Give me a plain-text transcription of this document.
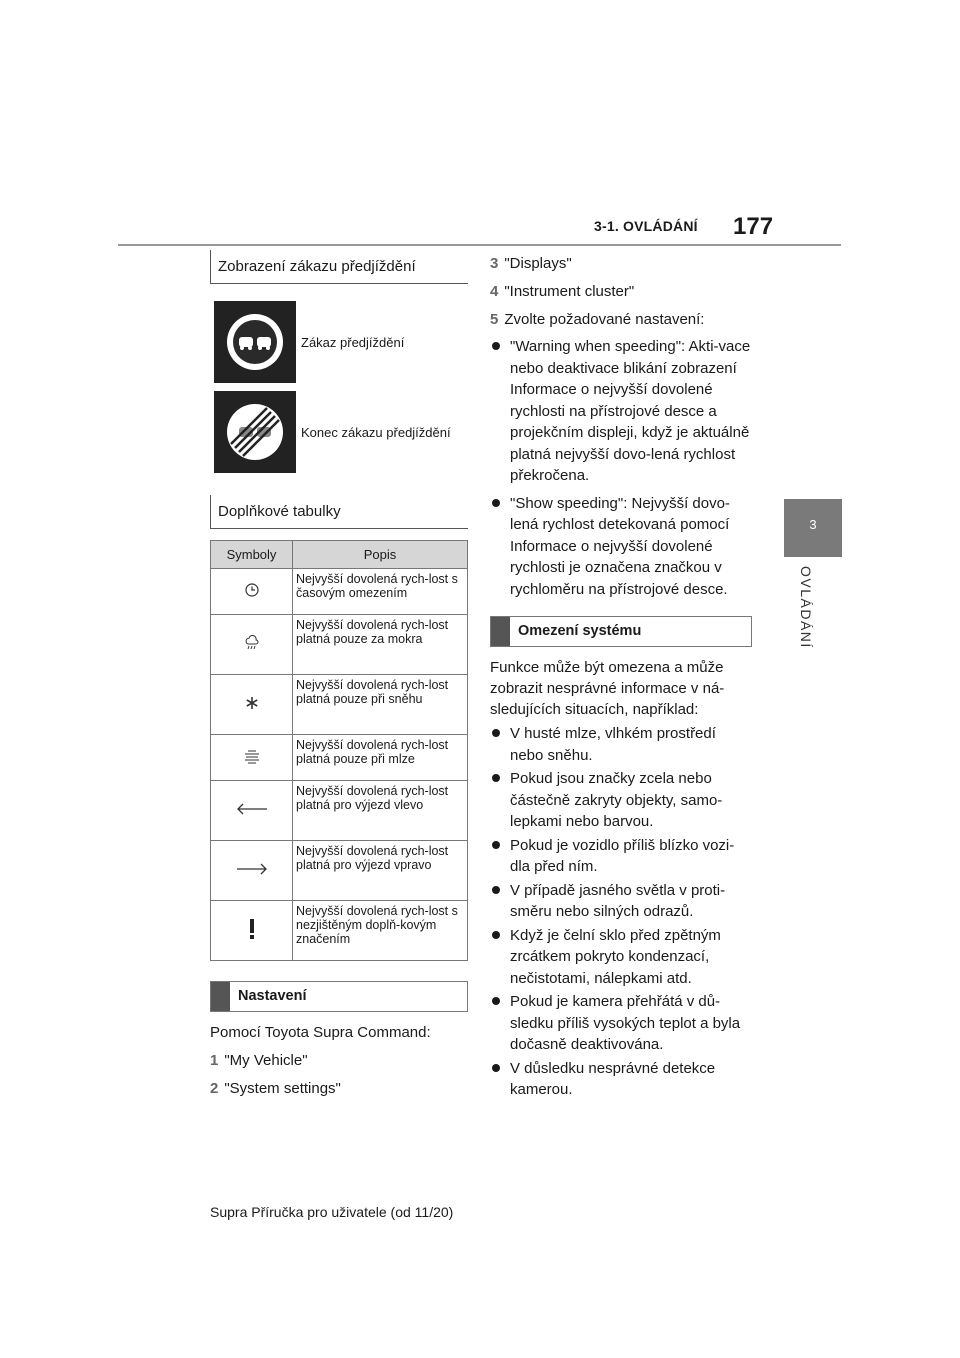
3-1. OVLÁDÁNÍ 177
3
OVLÁDÁNÍ
Zobrazení zákazu předjíždění
Zákaz předjíždění
Konec zákazu předjíždění
Doplňkové tabulky
Symboly	Popis
	Nejvyšší dovolená rych-lost s časovým omezením
	Nejvyšší dovolená rych-lost platná pouze za mokra
	Nejvyšší dovolená rych-lost platná pouze při sněhu
	Nejvyšší dovolená rych-lost platná pouze při mlze
	Nejvyšší dovolená rych-lost platná pro výjezd vlevo
	Nejvyšší dovolená rych-lost platná pro výjezd vpravo
	Nejvyšší dovolená rych-lost s nezjištěným doplň-kovým značením
Nastavení
Pomocí Toyota Supra Command:
1 "My Vehicle"
2 "System settings"
3 "Displays"
4 "Instrument cluster"
5 Zvolte požadované nastavení:
"Warning when speeding": Akti-vace nebo deaktivace blikání zobrazení Informace o nejvyšší dovolené rychlosti na přístrojové desce a projekčním displeji, když je aktuálně platná nejvyšší dovo-lená rychlost překročena.
"Show speeding": Nejvyšší dovo-lená rychlost detekovaná pomocí Informace o nejvyšší dovolené rychlosti je označena značkou v rychloměru na přístrojové desce.
Omezení systému
Funkce může být omezena a může zobrazit nesprávné informace v ná-sledujících situacích, například:
V husté mlze, vlhkém prostředí nebo sněhu.
Pokud jsou značky zcela nebo částečně zakryty objekty, samo-lepkami nebo barvou.
Pokud je vozidlo příliš blízko vozi-dla před ním.
V případě jasného světla v proti-směru nebo silných odrazů.
Když je čelní sklo před zpětným zrcátkem pokryto kondenzací, nečistotami, nálepkami atd.
Pokud je kamera přehřátá v dů-sledku příliš vysokých teplot a byla dočasně deaktivována.
V důsledku nesprávné detekce kamerou.
Supra Příručka pro uživatele (od 11/20)
